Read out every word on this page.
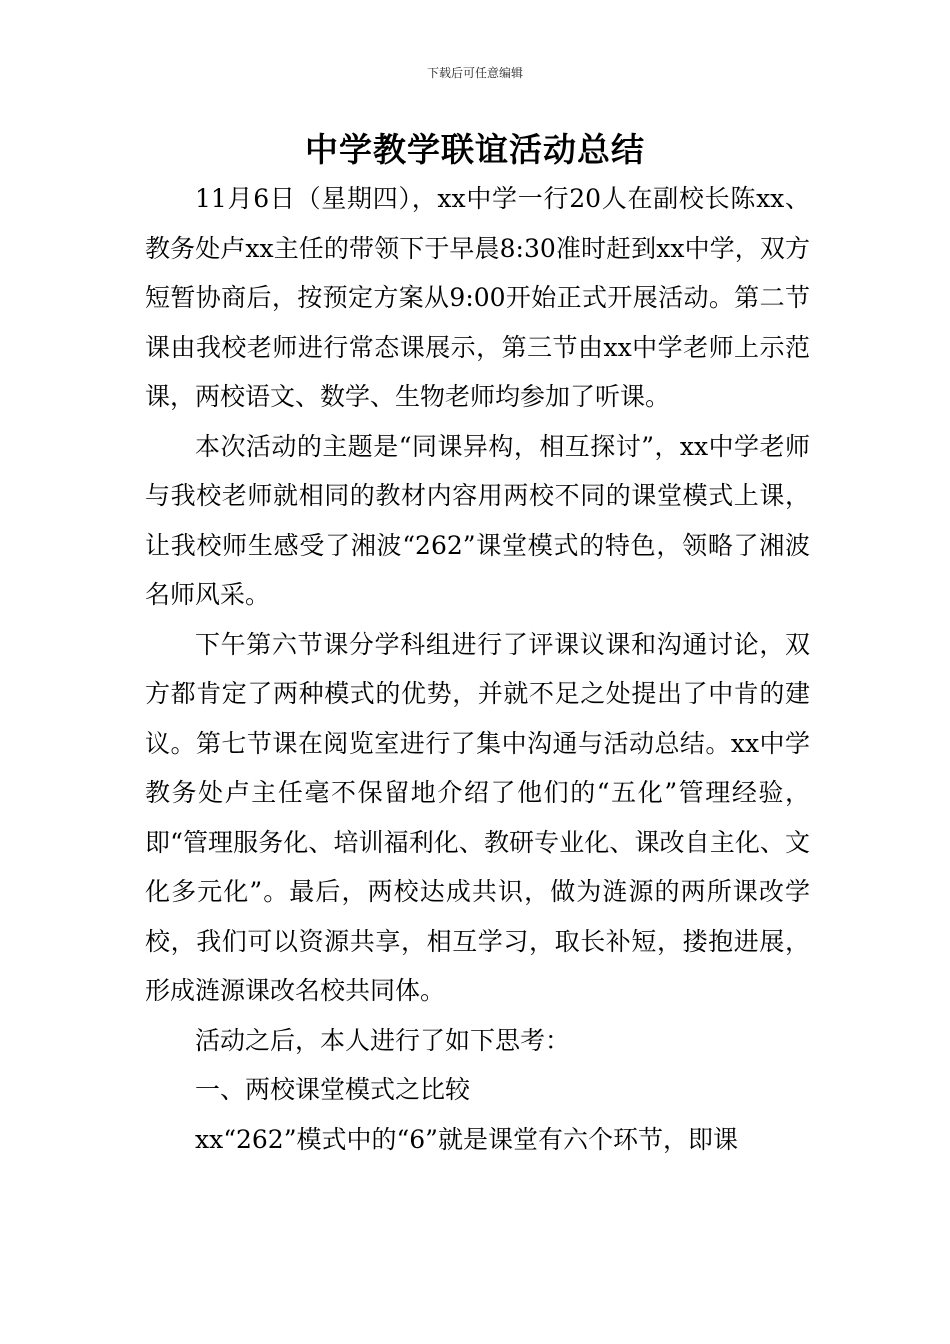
下载后可任意编辑
中学教学联谊活动总结

11月6日（星期四），xx中学一行20人在副校长陈xx、教务处卢xx主任的带领下于早晨8:30准时赶到xx中学，双方短暂协商后，按预定方案从9:00开始正式开展活动。第二节课由我校老师进行常态课展示，第三节由xx中学老师上示范课，两校语文、数学、生物老师均参加了听课。

本次活动的主题是“同课异构，相互探讨”，xx中学老师与我校老师就相同的教材内容用两校不同的课堂模式上课，让我校师生感受了湘波“262”课堂模式的特色，领略了湘波名师风采。

下午第六节课分学科组进行了评课议课和沟通讨论，双方都肯定了两种模式的优势，并就不足之处提出了中肯的建议。第七节课在阅览室进行了集中沟通与活动总结。xx中学教务处卢主任毫不保留地介绍了他们的“五化”管理经验，即“管理服务化、培训福利化、教研专业化、课改自主化、文化多元化”。最后，两校达成共识，做为涟源的两所课改学校，我们可以资源共享，相互学习，取长补短，搂抱进展，形成涟源课改名校共同体。

活动之后，本人进行了如下思考：

一、两校课堂模式之比较

xx“262”模式中的“6”就是课堂有六个环节，即课
